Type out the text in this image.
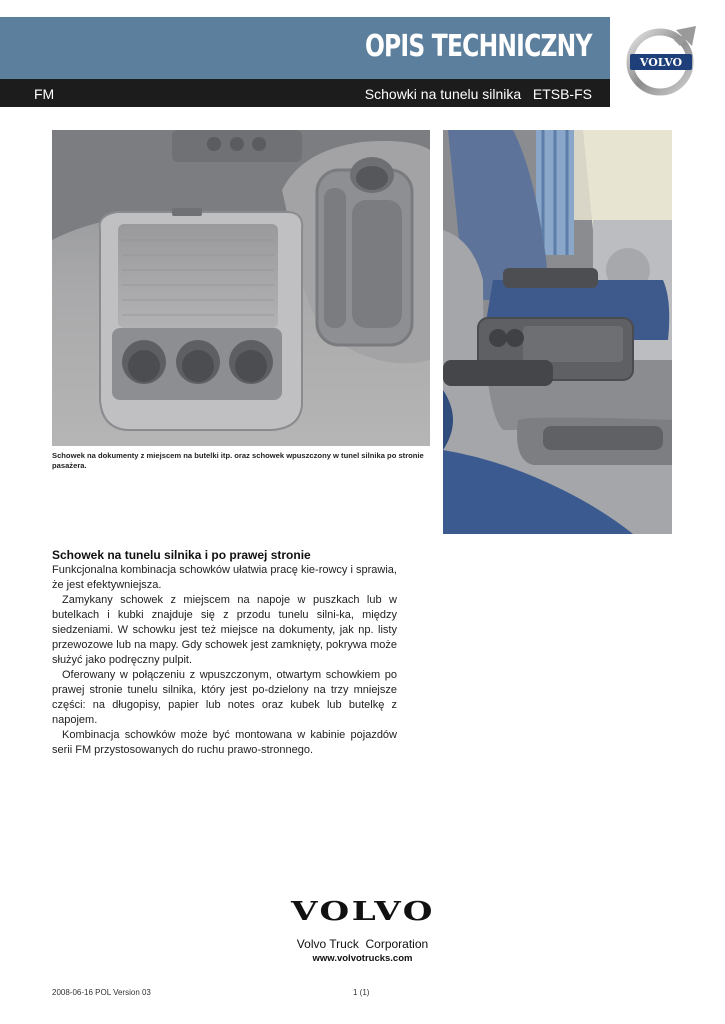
OPIS TECHNICZNY
FM	Schowki na tunelu silnika   ETSB-FS
VOLVO
Schowek na dokumenty z miejscem na butelki itp. oraz schowek wpuszczony w tunel silnika po stronie pasażera.
Schowek na tunelu silnika i po prawej stronie

Funkcjonalna kombinacja schowków ułatwia pracę kie-rowcy i sprawia, że jest efektywniejsza.

Zamykany schowek z miejscem na napoje w puszkach lub w butelkach i kubki znajduje się z przodu tunelu silni-ka, między siedzeniami. W schowku jest też miejsce na dokumenty, jak np. listy przewozowe lub na mapy. Gdy schowek jest zamknięty, pokrywa może służyć jako podręczny pulpit.

Oferowany w połączeniu z wpuszczonym, otwartym schowkiem po prawej stronie tunelu silnika, który jest po-dzielony na trzy mniejsze części: na długopisy, papier lub notes oraz kubek lub butelkę z napojem.

Kombinacja schowków może być montowana w kabinie pojazdów serii FM przystosowanych do ruchu prawo-stronnego.

VOLVO
Volvo Truck  Corporation
www.volvotrucks.com
2008-06-16 POL Version 03	1 (1)
